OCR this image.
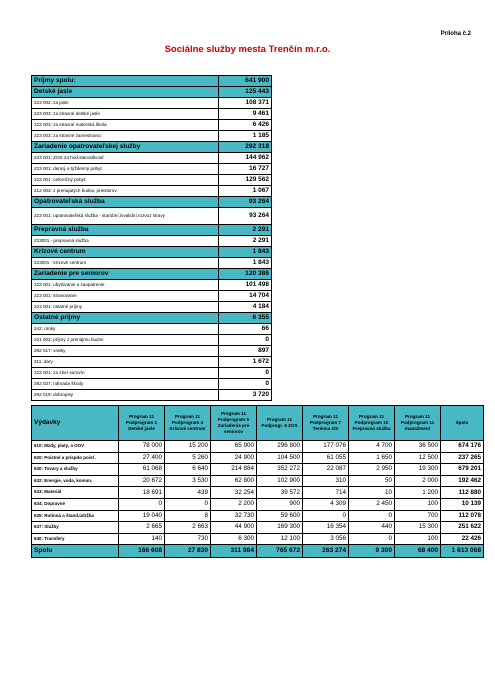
Príloha č.2
Sociálne služby mesta Trenčín m.r.o.
Príjmy spolu:	641 900
Detské jasle	125 443
223 002: za jasle	108 371
223 003: za stravné detské jasle	9 461
223 003: za stravné materská škola	6 426
223 003: za stravné zamestnanci	1 185
Zariadenie opatrovateľskej služby	292 318
223 001: ZOS 24 hod.starostlivosť	144 962
223 001: denný a týždenný pobyt	16 727
223 001: celoročný pobyt	129 562
212 003: z prenajatých budov, priestorov	1 067
Opatrovateľská služba	93 264
223 001: opatrovateľská služba - starobní,invalidní,rozvoz stravy	93 264
Prepravná služba	2 291
223001 - prepravná služba	2 291
Krízové centrum	1 843
223001 - krízové centrum	1 843
Zariadenie pre seniorov	120 386
223 001: ubytovanie a zaopatrenie	101 498
223 001: stravovanie	14 704
223 001: ostatné príjmy	4 184
Ostatné príjmy	6 355
242: úroky	66
221 003: príjmy z prenájmu budov	0
292 017: vratky	897
311: dary	1 672
223 001: za zber surovín	0
292 027: náhrada škody	0
292 019: dobropisy	3 720
Výdavky	Program 11 Podprogram 1 Detské jasle	Program 11 Podprogram 4 Krízové centrum	Program 11 Podprogram 5 Zariadenie pre seniorov	Program 11 Podprogr. 6 ZOS	Program 11 Podprogram 7 Terénna OS	Program 11 Podprogram 10 Prepravná služba	Program 11 Podprogram 11 manažment	Spolu
610: Mzdy, platy, a OOV	78 000	15 200	65 900	296 800	177 076	4 700	36 500	674 176
620: Poistné a príspdo poisť.	27 400	5 260	24 900	104 500	61 055	1 650	12 500	237 265
630: Tovary a služby	61 068	6 640	214 884	352 272	22 087	2 950	19 300	679 201
632: Energie, voda, komun.	20 672	3 530	62 800	102 900	310	50	2 000	192 462
633: Materiál	18 691	439	32 254	39 572	714	10	1 200	112 880
634: Dopravné	0	0	2 200	900	4 309	2 450	100	10 139
635: Rutinná a štand.údržba	19 040	8	32 730	59 600	0	0	700	112 078
637: Služby	2 665	2 663	44 900	169 300	16 354	440	15 300	251 622
640: Transfery	140	730	6 300	12 100	3 056	0	100	22 426
Spolu	166 608	27 830	311 984	765 672	263 274	9 300	68 400	1 613 068
